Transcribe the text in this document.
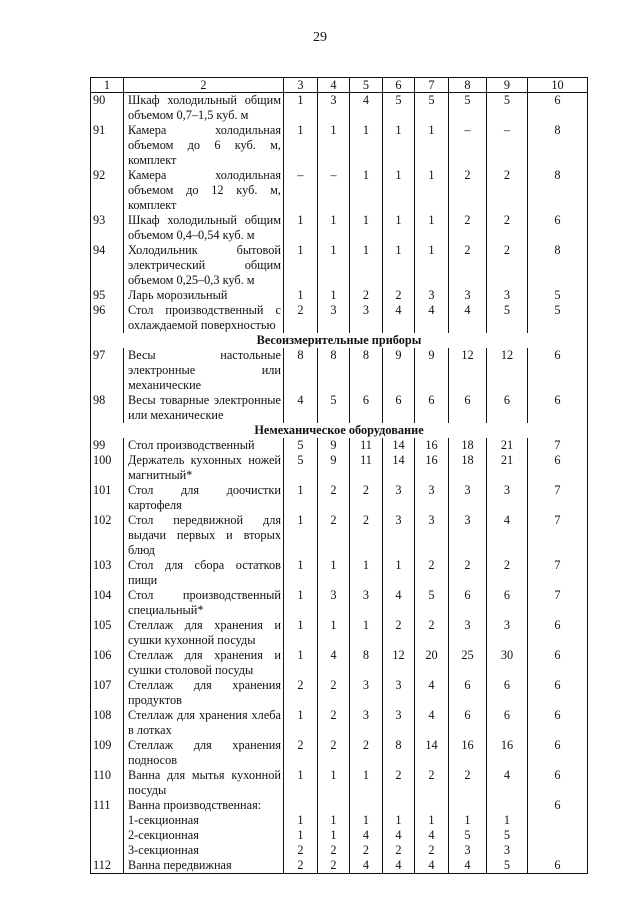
29
1	2	3	4	5	6	7	8	9	10
90	Шкаф холодильный общим объемом 0,7–1,5 куб. м	1	3	4	5	5	5	5	6
91	Камера холодильная объемом до 6 куб. м, комплект	1	1	1	1	1	–	–	8
92	Камера холодильная объемом до 12 куб. м, комплект	–	–	1	1	1	2	2	8
93	Шкаф холодильный общим объемом 0,4–0,54 куб. м	1	1	1	1	1	2	2	6
94	Холодильник бытовой электрический общим объемом 0,25–0,3 куб. м	1	1	1	1	1	2	2	8
95	Ларь морозильный	1	1	2	2	3	3	3	5
96	Стол производственный с охлаждаемой поверхностью	2	3	3	4	4	4	5	5
Весоизмерительные приборы									
97	Весы настольные электронные или механические	8	8	8	9	9	12	12	6
98	Весы товарные электронные или механические	4	5	6	6	6	6	6	6
Немеханическое оборудование									
99	Стол производственный	5	9	11	14	16	18	21	7
100	Держатель кухонных ножей магнитный*	5	9	11	14	16	18	21	6
101	Стол для доочистки картофеля	1	2	2	3	3	3	3	7
102	Стол передвижной для выдачи первых и вторых блюд	1	2	2	3	3	3	4	7
103	Стол для сбора остатков пищи	1	1	1	1	2	2	2	7
104	Стол производственный специальный*	1	3	3	4	5	6	6	7
105	Стеллаж для хранения и сушки кухонной посуды	1	1	1	2	2	3	3	6
106	Стеллаж для хранения и сушки столовой посуды	1	4	8	12	20	25	30	6
107	Стеллаж для хранения продуктов	2	2	3	3	4	6	6	6
108	Стеллаж для хранения хлеба в лотках	1	2	3	3	4	6	6	6
109	Стеллаж для хранения подносов	2	2	2	8	14	16	16	6
110	Ванна для мытья кухонной посуды	1	1	1	2	2	2	4	6
111	Ванна производственная:								6
	1-секционная	1	1	1	1	1	1	1	
	2-секционная	1	1	4	4	4	5	5	
	3-секционная	2	2	2	2	2	3	3	
112	Ванна передвижная	2	2	4	4	4	4	5	6
